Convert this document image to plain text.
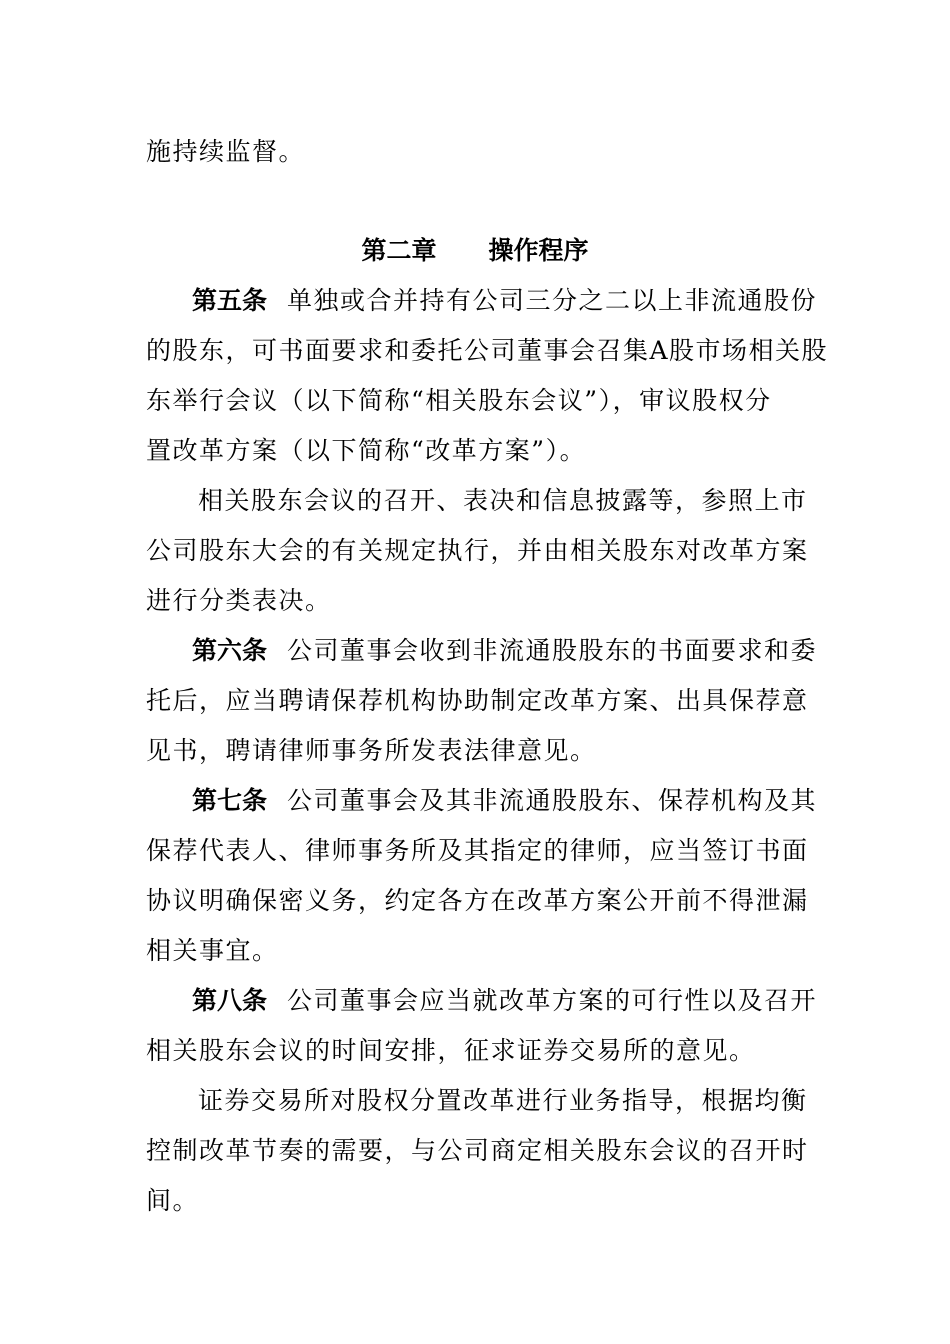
施持续监督。
第二章 操作程序
第五条 单独或合并持有公司三分之二以上非流通股份
的股东，可书面要求和委托公司董事会召集A股市场相关股
东举行会议（以下简称“相关股东会议”），审议股权分
置改革方案（以下简称“改革方案”）。
相关股东会议的召开、表决和信息披露等，参照上市
公司股东大会的有关规定执行，并由相关股东对改革方案
进行分类表决。
第六条 公司董事会收到非流通股股东的书面要求和委
托后，应当聘请保荐机构协助制定改革方案、出具保荐意
见书，聘请律师事务所发表法律意见。
第七条 公司董事会及其非流通股股东、保荐机构及其
保荐代表人、律师事务所及其指定的律师，应当签订书面
协议明确保密义务，约定各方在改革方案公开前不得泄漏
相关事宜。
第八条 公司董事会应当就改革方案的可行性以及召开
相关股东会议的时间安排，征求证券交易所的意见。
证券交易所对股权分置改革进行业务指导，根据均衡
控制改革节奏的需要，与公司商定相关股东会议的召开时
间。
